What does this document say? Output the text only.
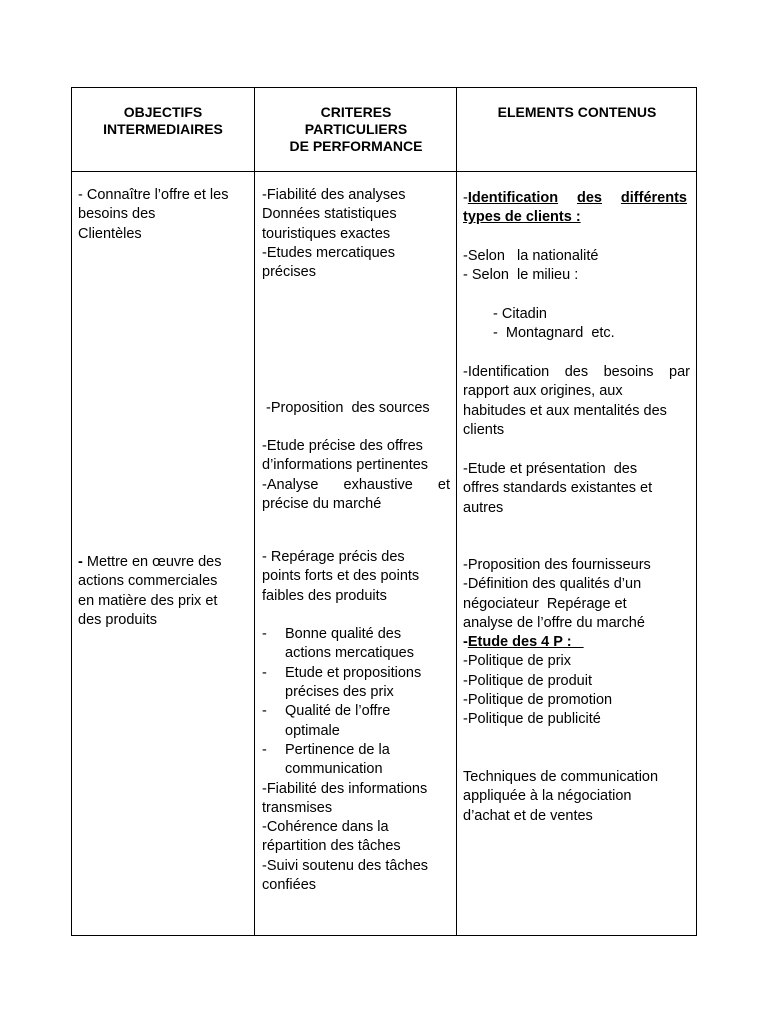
OBJECTIFS
INTERMEDIAIRES
- Connaître l’offre et les
besoins des
Clientèles
- Mettre en œuvre des
actions commerciales
en matière des prix et
des produits
CRITERES
PARTICULIERS
DE PERFORMANCE
-Fiabilité des analyses
Données statistiques
touristiques exactes
-Etudes mercatiques
précises

-Proposition  des sources

d’informations pertinentes

-Etude précise des offres
-Analyse exhaustive et
précise du marché
- Repérage précis des
points forts et des points
faibles des produits
- Bonne qualité des
actions mercatiques
- Etude et propositions
précises des prix
- Qualité de l’offre
optimale
- Pertinence de la
communication
-Fiabilité des informations
transmises
-Cohérence dans la
répartition des tâches
-Suivi soutenu des tâches
confiées
ELEMENTS CONTENUS
-Identification des différents
types de clients :
-Selon   la nationalité
- Selon  le milieu :
- Citadin
-  Montagnard  etc.
-Identification des besoins par
rapport aux origines, aux
habitudes et aux mentalités des
clients
-Etude et présentation  des
offres standards existantes et
autres
-Proposition des fournisseurs
-Définition des qualités d’un
négociateur  Repérage et
analyse de l’offre du marché
-Etude des 4 P :
-Politique de prix
-Politique de produit
-Politique de promotion
-Politique de publicité
Techniques de communication
appliquée à la négociation
d’achat et de ventes
